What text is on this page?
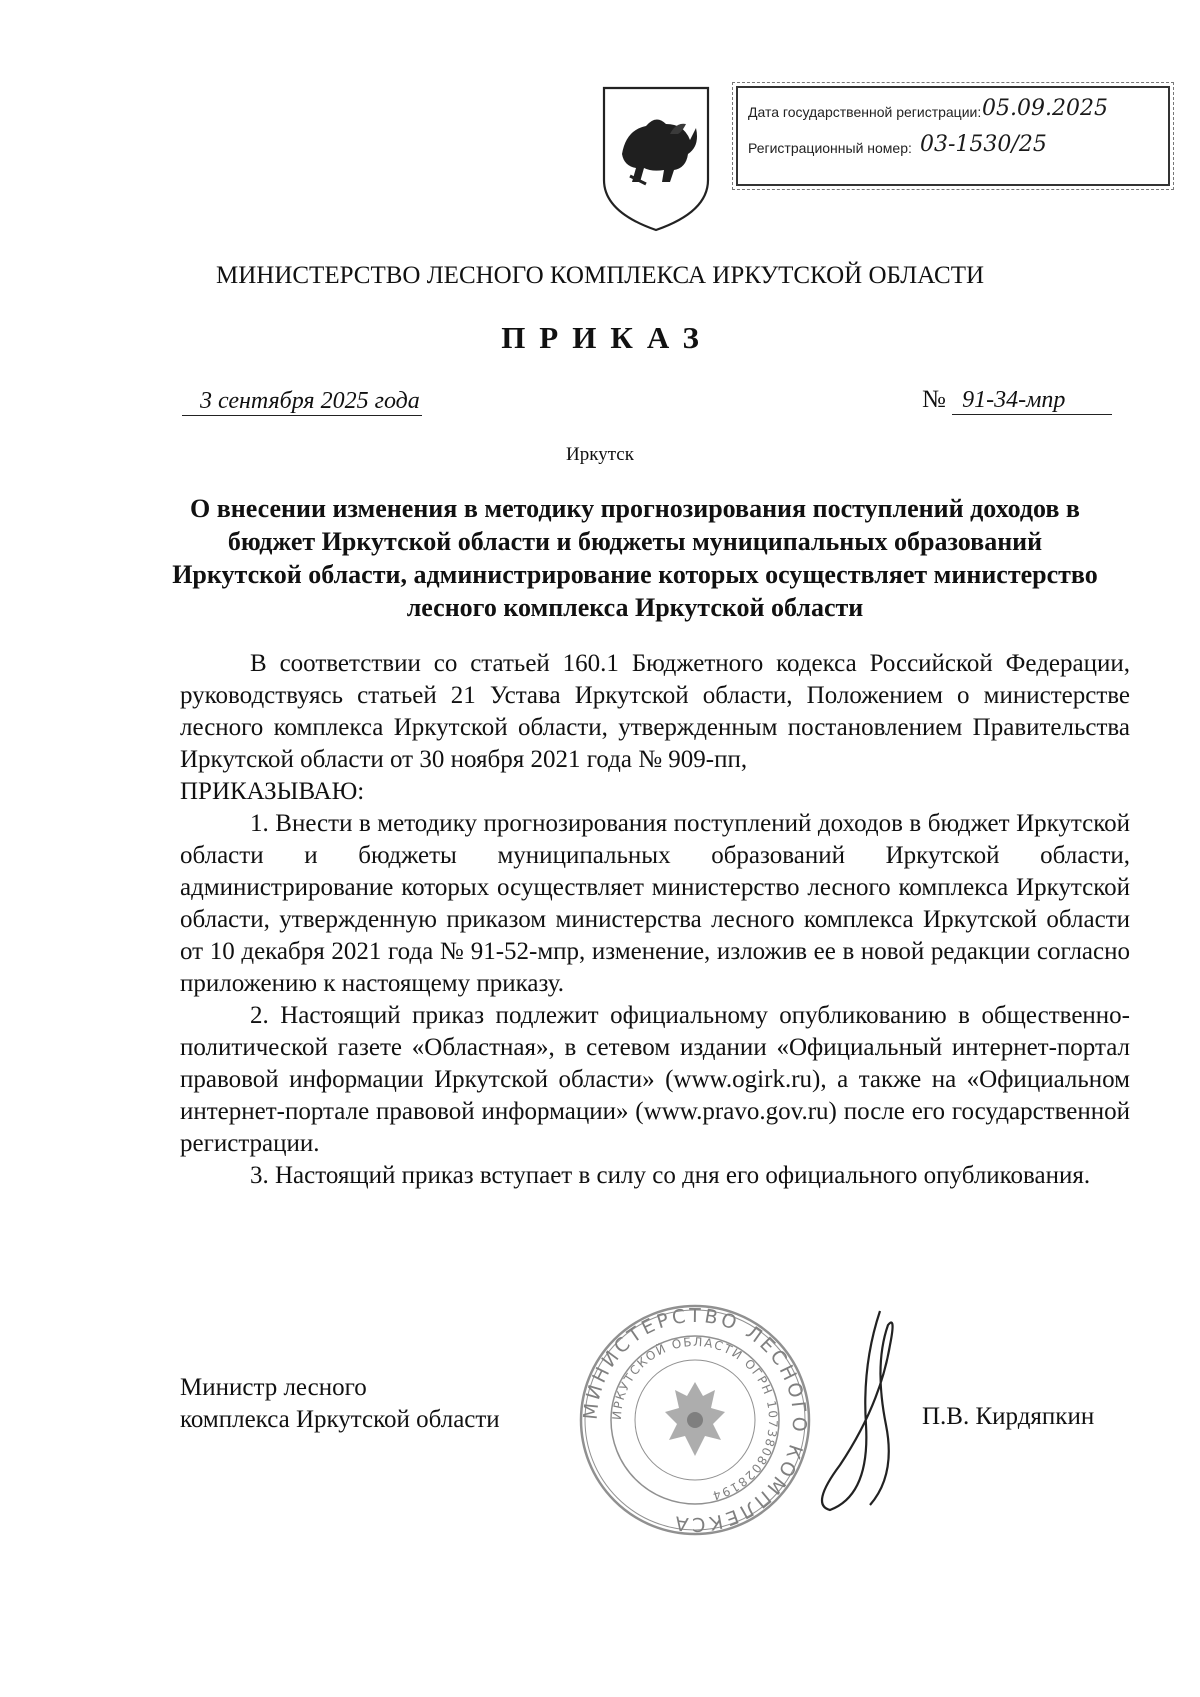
Дата государственной регистрации: 05.09.2025
Регистрационный номер: 03-1530/25
МИНИСТЕРСТВО ЛЕСНОГО КОМПЛЕКСА ИРКУТСКОЙ ОБЛАСТИ
ПРИКАЗ
3 сентября 2025 года	№ 91-34-мпр
Иркутск
О внесении изменения в методику прогнозирования поступлений доходов в бюджет Иркутской области и бюджеты муниципальных образований Иркутской области, администрирование которых осуществляет министерство лесного комплекса Иркутской области

В соответствии со статьей 160.1 Бюджетного кодекса Российской Федерации, руководствуясь статьей 21 Устава Иркутской области, Положением о министерстве лесного комплекса Иркутской области, утвержденным постановлением Правительства Иркутской области от 30 ноября 2021 года № 909-пп,

ПРИКАЗЫВАЮ:

1. Внести в методику прогнозирования поступлений доходов в бюджет Иркутской области и бюджеты муниципальных образований Иркутской области, администрирование которых осуществляет министерство лесного комплекса Иркутской области, утвержденную приказом министерства лесного комплекса Иркутской области от 10 декабря 2021 года № 91-52-мпр, изменение, изложив ее в новой редакции согласно приложению к настоящему приказу.

2. Настоящий приказ подлежит официальному опубликованию в общественно-политической газете «Областная», в сетевом издании «Официальный интернет-портал правовой информации Иркутской области» (www.ogirk.ru), а также на «Официальном интернет-портале правовой информации» (www.pravo.gov.ru) после его государственной регистрации.

3. Настоящий приказ вступает в силу со дня его официального опубликования.

Министр лесного
комплекса Иркутской области	МИНИСТЕРСТВО ЛЕСНОГО КОМПЛЕКСА
ИРКУТСКОЙ ОБЛАСТИ ОГРН 1073808028194
П.В. Кирдяпкин
